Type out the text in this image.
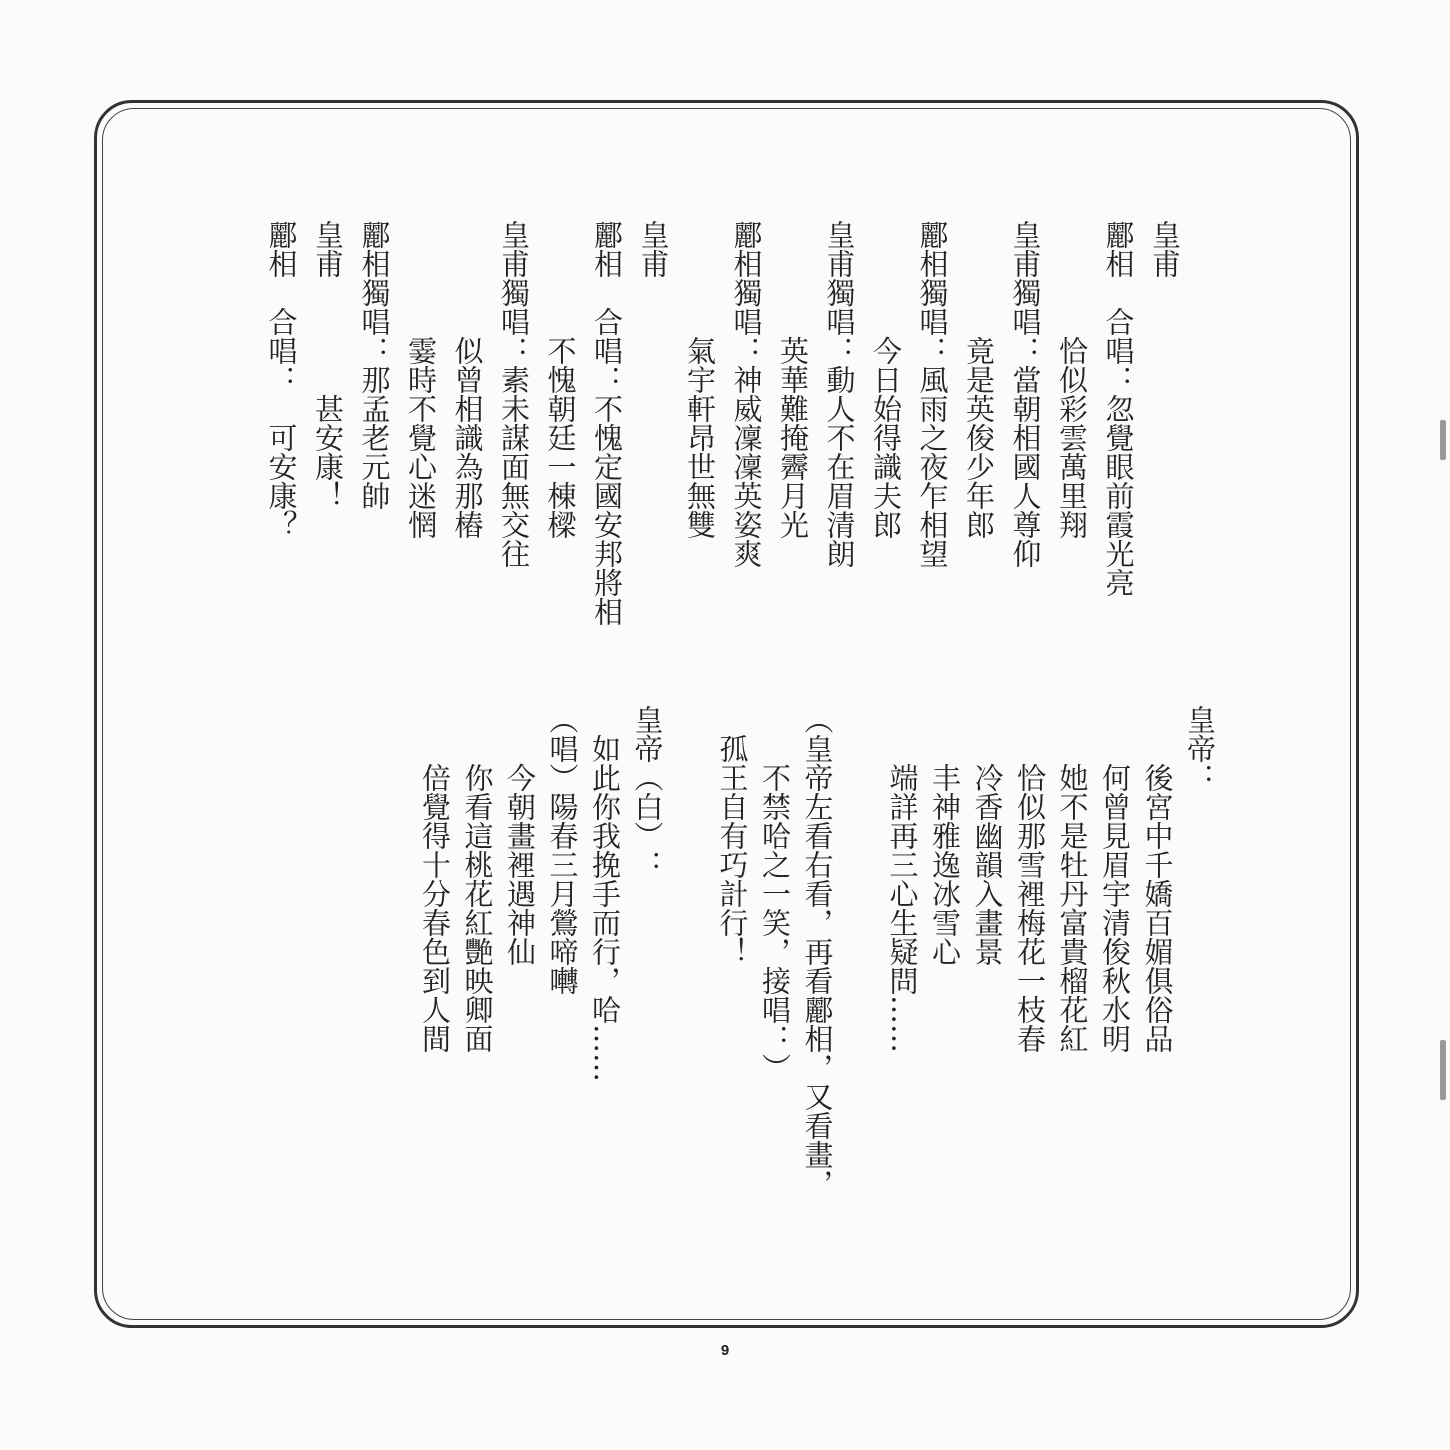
皇甫
酈相　合唱：忽覺眼前霞光亮
　　　　恰似彩雲萬里翔
皇甫獨唱：當朝相國人尊仰
　　　　竟是英俊少年郎
酈相獨唱：風雨之夜乍相望
　　　　今日始得識夫郎
皇甫獨唱：動人不在眉清朗
　　　　英華難掩霽月光
酈相獨唱：神威凜凜英姿爽
　　　　氣宇軒昂世無雙
皇甫
酈相　合唱：不愧定國安邦將相
　　　　不愧朝廷一棟樑
皇甫獨唱：素未謀面無交往
　　　　似曾相識為那樁
　　　　霎時不覺心迷惘
酈相獨唱：那孟老元帥
皇甫　　　　甚安康！
酈相　合唱：　可安康？
皇帝：
　　後宮中千嬌百媚俱俗品
　　何曾見眉宇清俊秋水明
　　她不是牡丹富貴榴花紅
　　恰似那雪裡梅花一枝春
　　冷香幽韻入畫景
　　丰神雅逸冰雪心
　　端詳再三心生疑問……
（皇帝左看右看，再看酈相，又看畫，
　　不禁哈之一笑，接唱：）
　孤王自有巧計行！
皇帝（白）：
　如此你我挽手而行，哈……
（唱）陽春三月鶯啼囀
　　今朝畫裡遇神仙
　　你看這桃花紅艷映卿面
　　倍覺得十分春色到人間
9
